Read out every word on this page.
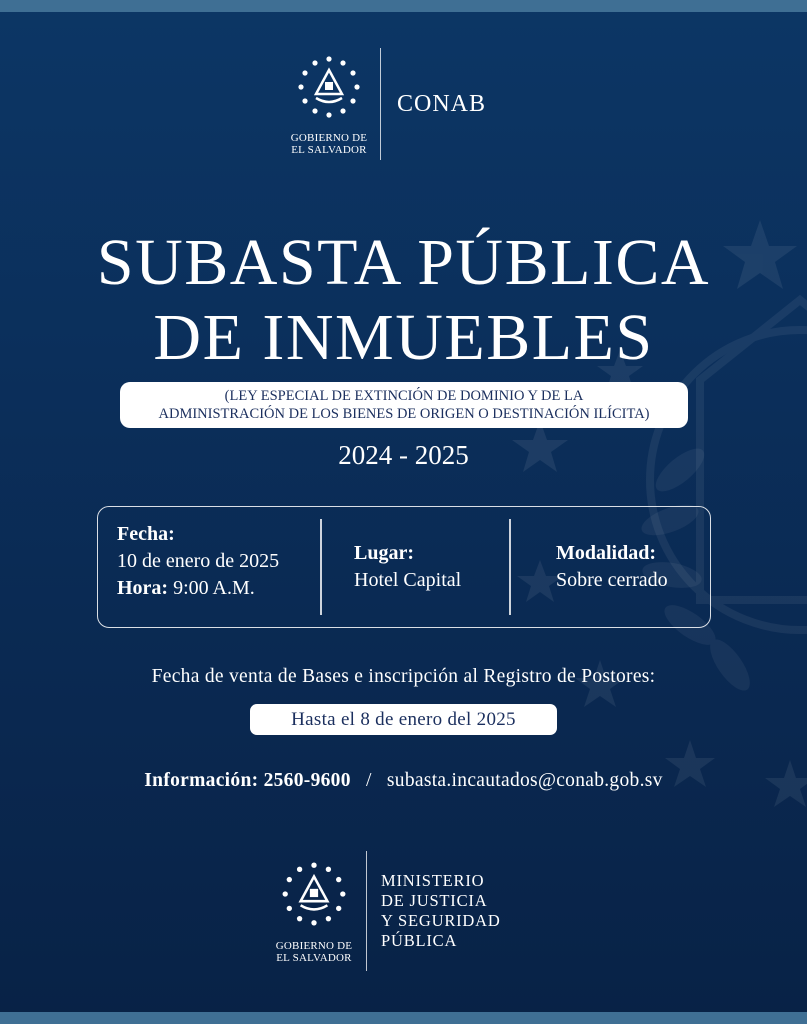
GOBIERNO DE
EL SALVADOR
CONAB
SUBASTA PÚBLICA
DE INMUEBLES
(LEY ESPECIAL DE EXTINCIÓN DE DOMINIO Y DE LA
ADMINISTRACIÓN DE LOS BIENES DE ORIGEN O DESTINACIÓN ILÍCITA)
2024 - 2025
Fecha:
10 de enero de 2025
Hora: 9:00 A.M.
Lugar:
Hotel Capital
Modalidad:
Sobre cerrado
Fecha de venta de Bases e inscripción al Registro de Postores:
Hasta el 8 de enero del 2025
Información: 2560-9600 / subasta.incautados@conab.gob.sv
GOBIERNO DE
EL SALVADOR
MINISTERIO
DE JUSTICIA
Y SEGURIDAD
PÚBLICA
